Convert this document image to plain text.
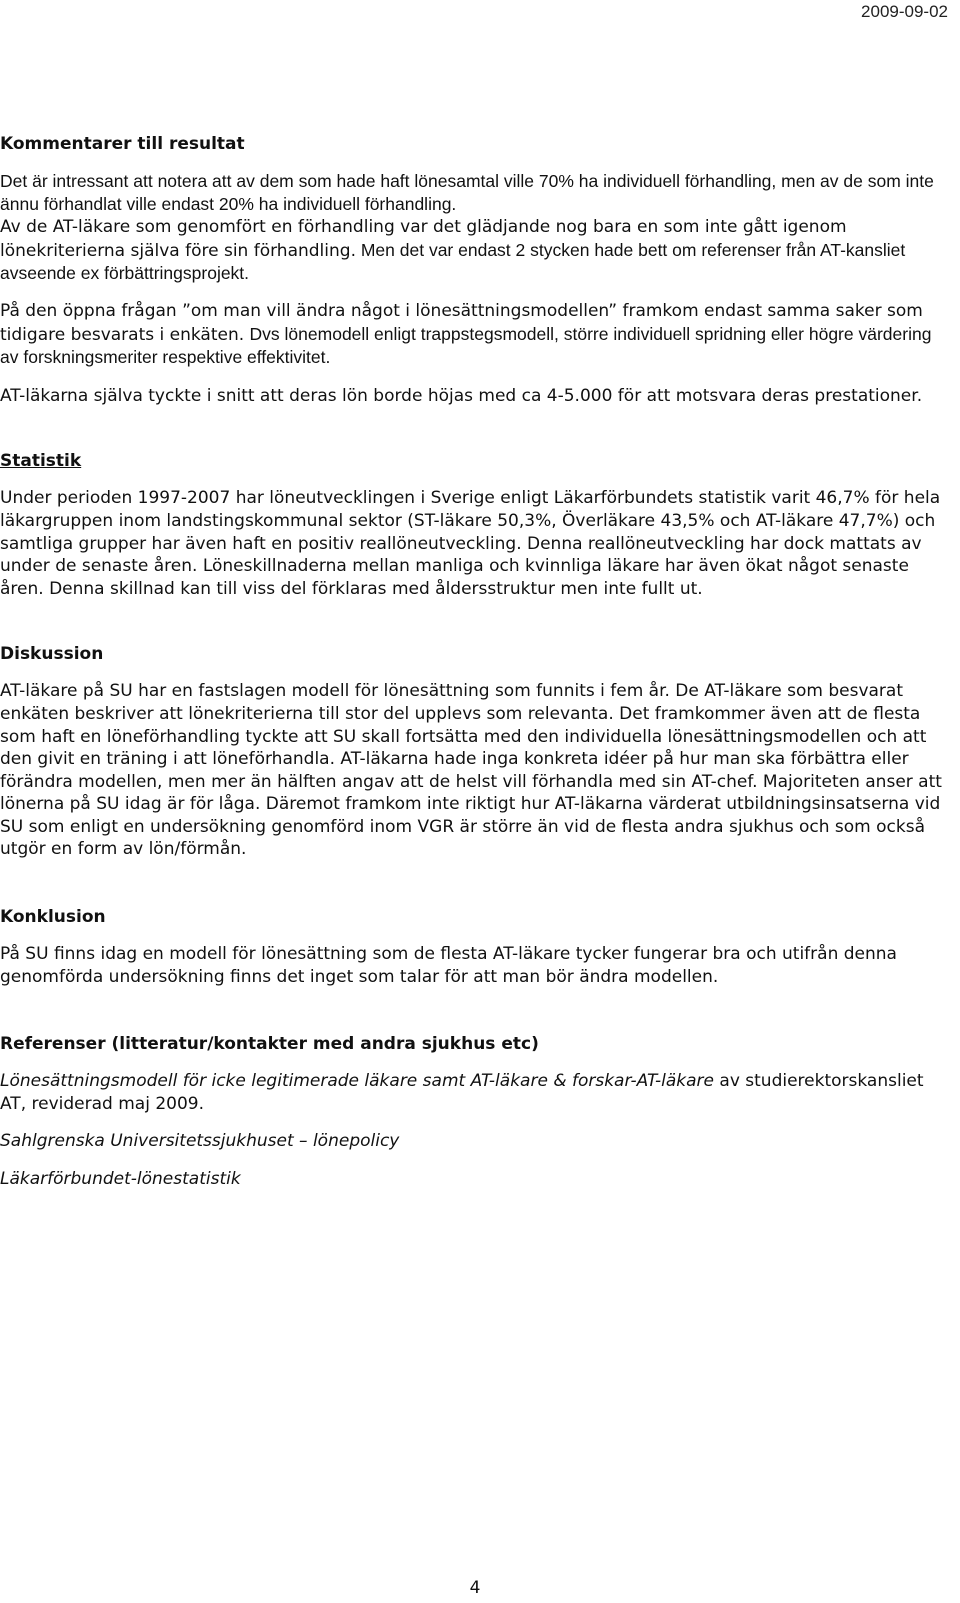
2009-09-02
Kommentarer till resultat

Det är intressant att notera att av dem som hade haft lönesamtal ville 70% ha individuell förhandling, men av de som inte ännu förhandlat ville endast 20% ha individuell förhandling.
Av de AT-läkare som genomfört en förhandling var det glädjande nog bara en som inte gått igenom lönekriterierna själva före sin förhandling. Men det var endast 2 stycken hade bett om referenser från AT-kansliet avseende ex förbättringsprojekt.

På den öppna frågan ”om man vill ändra något i lönesättningsmodellen” framkom endast samma saker som tidigare besvarats i enkäten. Dvs lönemodell enligt trappstegsmodell, större individuell spridning eller högre värdering av forskningsmeriter respektive effektivitet.

AT-läkarna själva tyckte i snitt att deras lön borde höjas med ca 4-5.000 för att motsvara deras prestationer.

Statistik

Under perioden 1997-2007 har löneutvecklingen i Sverige enligt Läkarförbundets statistik varit 46,7% för hela läkargruppen inom landstingskommunal sektor (ST-läkare 50,3%, Överläkare 43,5% och AT-läkare 47,7%) och samtliga grupper har även haft en positiv reallöneutveckling. Denna reallöneutveckling har dock mattats av under de senaste åren. Löneskillnaderna mellan manliga och kvinnliga läkare har även ökat något senaste åren. Denna skillnad kan till viss del förklaras med åldersstruktur men inte fullt ut.

Diskussion

AT-läkare på SU har en fastslagen modell för lönesättning som funnits i fem år. De AT-läkare som besvarat enkäten beskriver att lönekriterierna till stor del upplevs som relevanta. Det framkommer även att de flesta som haft en löneförhandling tyckte att SU skall fortsätta med den individuella lönesättningsmodellen och att den givit en träning i att löneförhandla. AT-läkarna hade inga konkreta idéer på hur man ska förbättra eller förändra modellen, men mer än hälften angav att de helst vill förhandla med sin AT-chef. Majoriteten anser att lönerna på SU idag är för låga. Däremot framkom inte riktigt hur AT-läkarna värderat utbildningsinsatserna vid SU som enligt en undersökning genomförd inom VGR är större än vid de flesta andra sjukhus och som också utgör en form av lön/förmån.

Konklusion

På SU finns idag en modell för lönesättning som de flesta AT-läkare tycker fungerar bra och utifrån denna genomförda undersökning finns det inget som talar för att man bör ändra modellen.

Referenser (litteratur/kontakter med andra sjukhus etc)

Lönesättningsmodell för icke legitimerade läkare samt AT-läkare & forskar-AT-läkare av studierektorskansliet AT, reviderad maj 2009.

Sahlgrenska Universitetssjukhuset – lönepolicy

Läkarförbundet-lönestatistik

4
